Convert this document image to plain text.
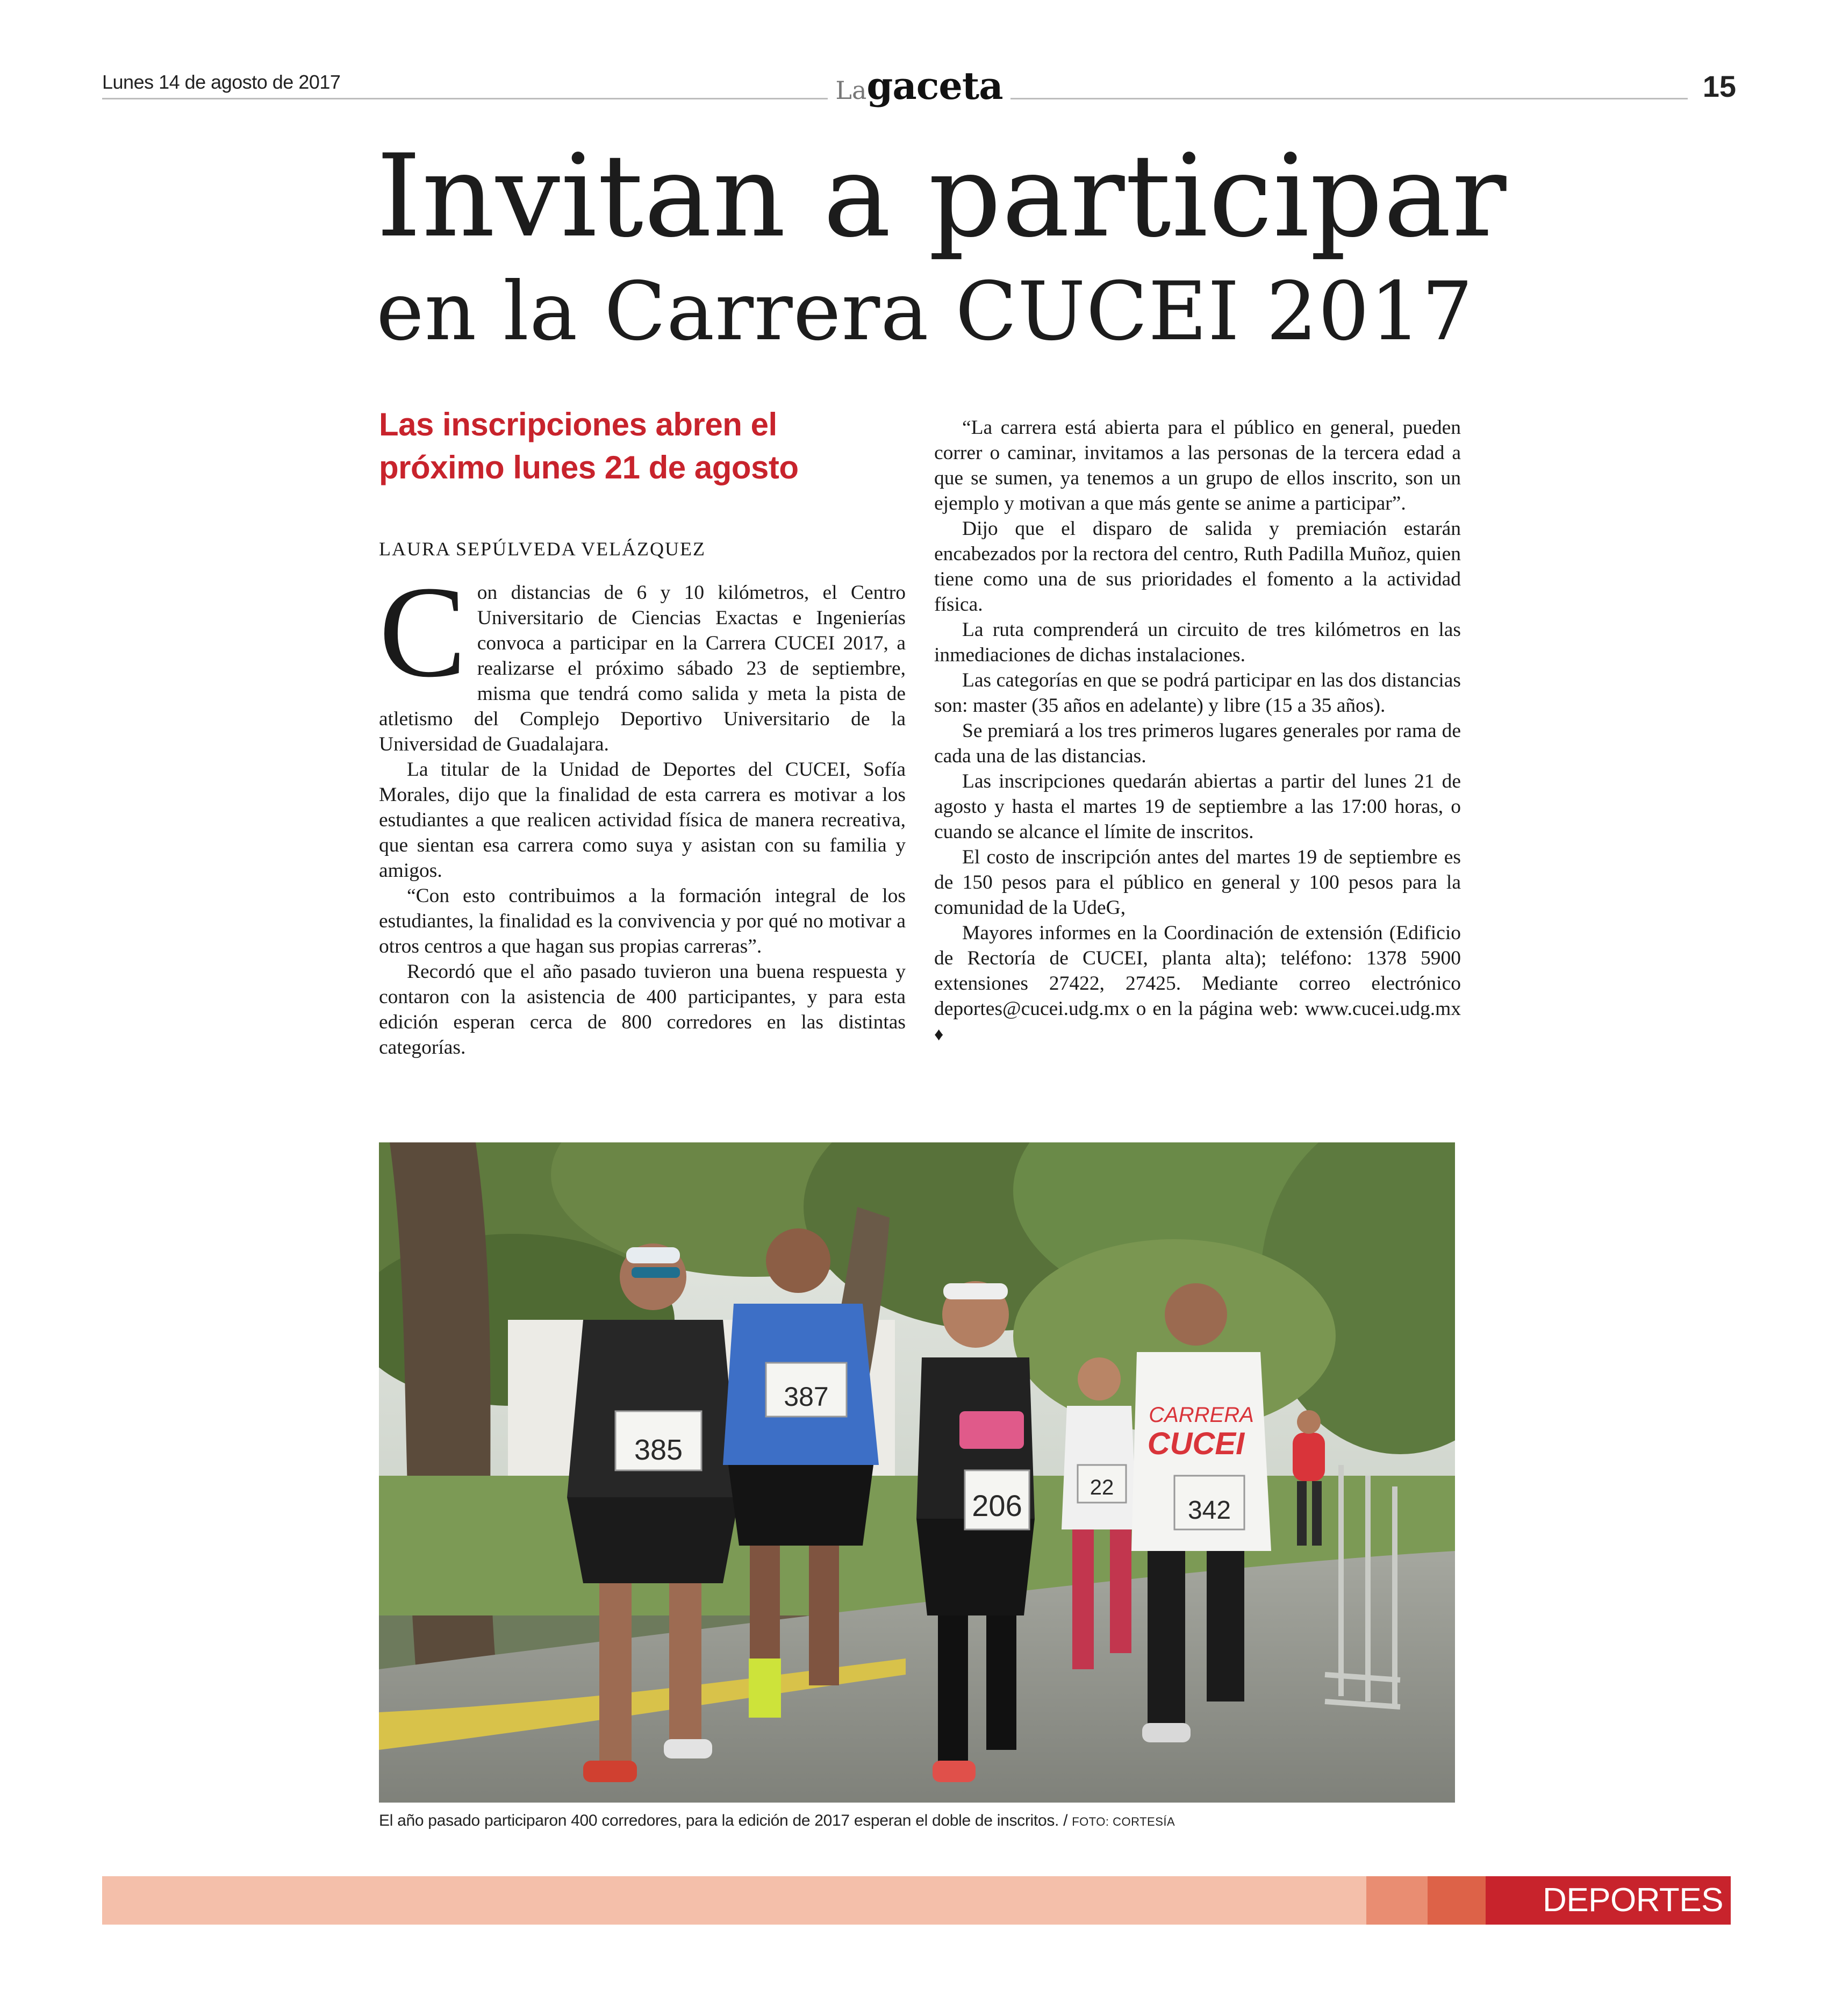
Lunes 14 de agosto de 2017	Lagaceta	15
Invitan a participar
en la Carrera CUCEI 2017
Las inscripciones abren el próximo lunes 21 de agosto
LAURA SEPÚLVEDA VELÁZQUEZ

Con distancias de 6 y 10 kilómetros, el Centro Universitario de Ciencias Exactas e Ingenierías convoca a participar en la Carrera CUCEI 2017, a realizarse el próximo sábado 23 de septiembre, misma que tendrá como salida y meta la pista de atletismo del Complejo Deportivo Universitario de la Universidad de Guadalajara.

La titular de la Unidad de Deportes del CUCEI, Sofía Morales, dijo que la finalidad de esta carrera es motivar a los estudiantes a que realicen actividad física de manera recreativa, que sientan esa carrera como suya y asistan con su familia y amigos.

“Con esto contribuimos a la formación integral de los estudiantes, la finalidad es la convivencia y por qué no motivar a otros centros a que hagan sus propias carreras”.

Recordó que el año pasado tuvieron una buena respuesta y contaron con la asistencia de 400 participantes, y para esta edición esperan cerca de 800 corredores en las distintas categorías.

“La carrera está abierta para el público en general, pueden correr o caminar, invitamos a las personas de la tercera edad a que se sumen, ya tenemos a un grupo de ellos inscrito, son un ejemplo y motivan a que más gente se anime a participar”.

Dijo que el disparo de salida y premiación estarán encabezados por la rectora del centro, Ruth Padilla Muñoz, quien tiene como una de sus prioridades el fomento a la actividad física.

La ruta comprenderá un circuito de tres kilómetros en las inmediaciones de dichas instalaciones.

Las categorías en que se podrá participar en las dos distancias son: master (35 años en adelante) y libre (15 a 35 años).

Se premiará a los tres primeros lugares generales por rama de cada una de las distancias.

Las inscripciones quedarán abiertas a partir del lunes 21 de agosto y hasta el martes 19 de septiembre a las 17:00 horas, o cuando se alcance el límite de inscritos.

El costo de inscripción antes del martes 19 de septiembre es de 150 pesos para el público en general y 100 pesos para la comunidad de la UdeG,

Mayores informes en la Coordinación de extensión (Edificio de Rectoría de CUCEI, planta alta); teléfono: 1378 5900 extensiones 27422, 27425. Mediante correo electrónico deportes@cucei.udg.mx o en la página web: www.cucei.udg.mx ♦

385
387
206
22
342
CARRERA
CUCEI
El año pasado participaron 400 corredores, para la edición de 2017 esperan el doble de inscritos. / FOTO: CORTESÍA
DEPORTES
